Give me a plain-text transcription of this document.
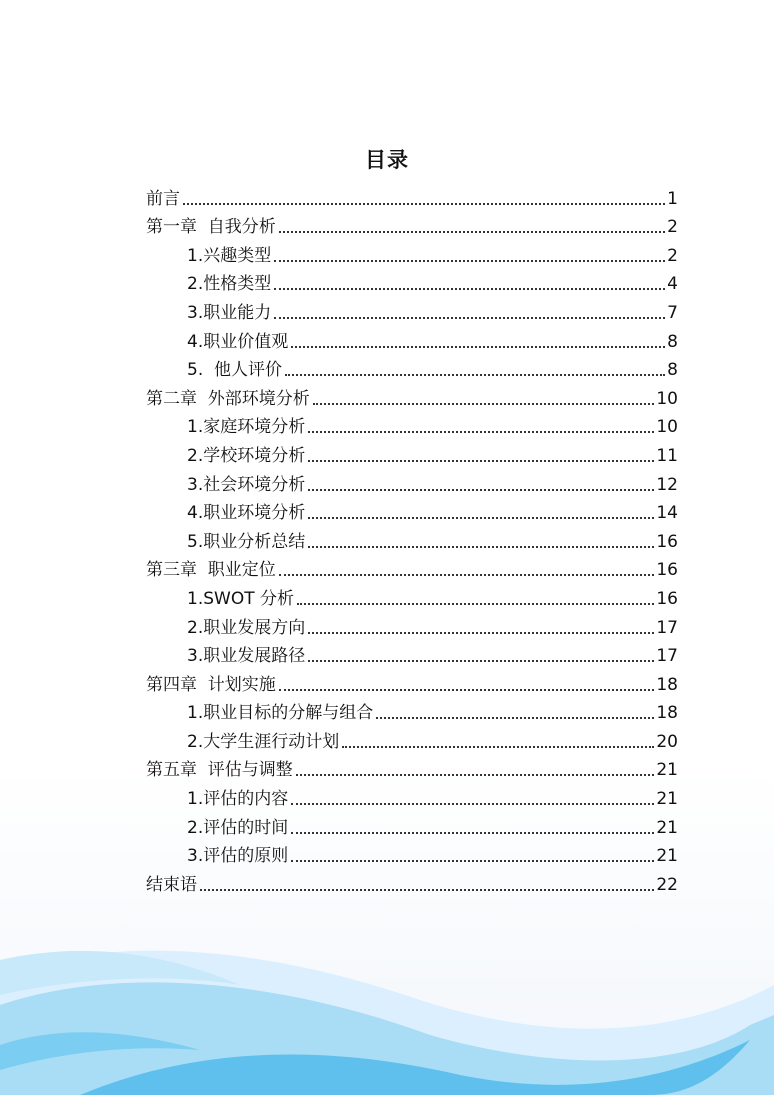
目录
前言	1
第一章  自我分析	2
1.兴趣类型	2
2.性格类型	4
3.职业能力	7
4.职业价值观	8
5.  他人评价	8
第二章  外部环境分析	10
1.家庭环境分析	10
2.学校环境分析	11
3.社会环境分析	12
4.职业环境分析	14
5.职业分析总结	16
第三章  职业定位	16
1.SWOT 分析	16
2.职业发展方向	17
3.职业发展路径	17
第四章  计划实施	18
1.职业目标的分解与组合	18
2.大学生涯行动计划	20
第五章  评估与调整	21
1.评估的内容	21
2.评估的时间	21
3.评估的原则	21
结束语	22
